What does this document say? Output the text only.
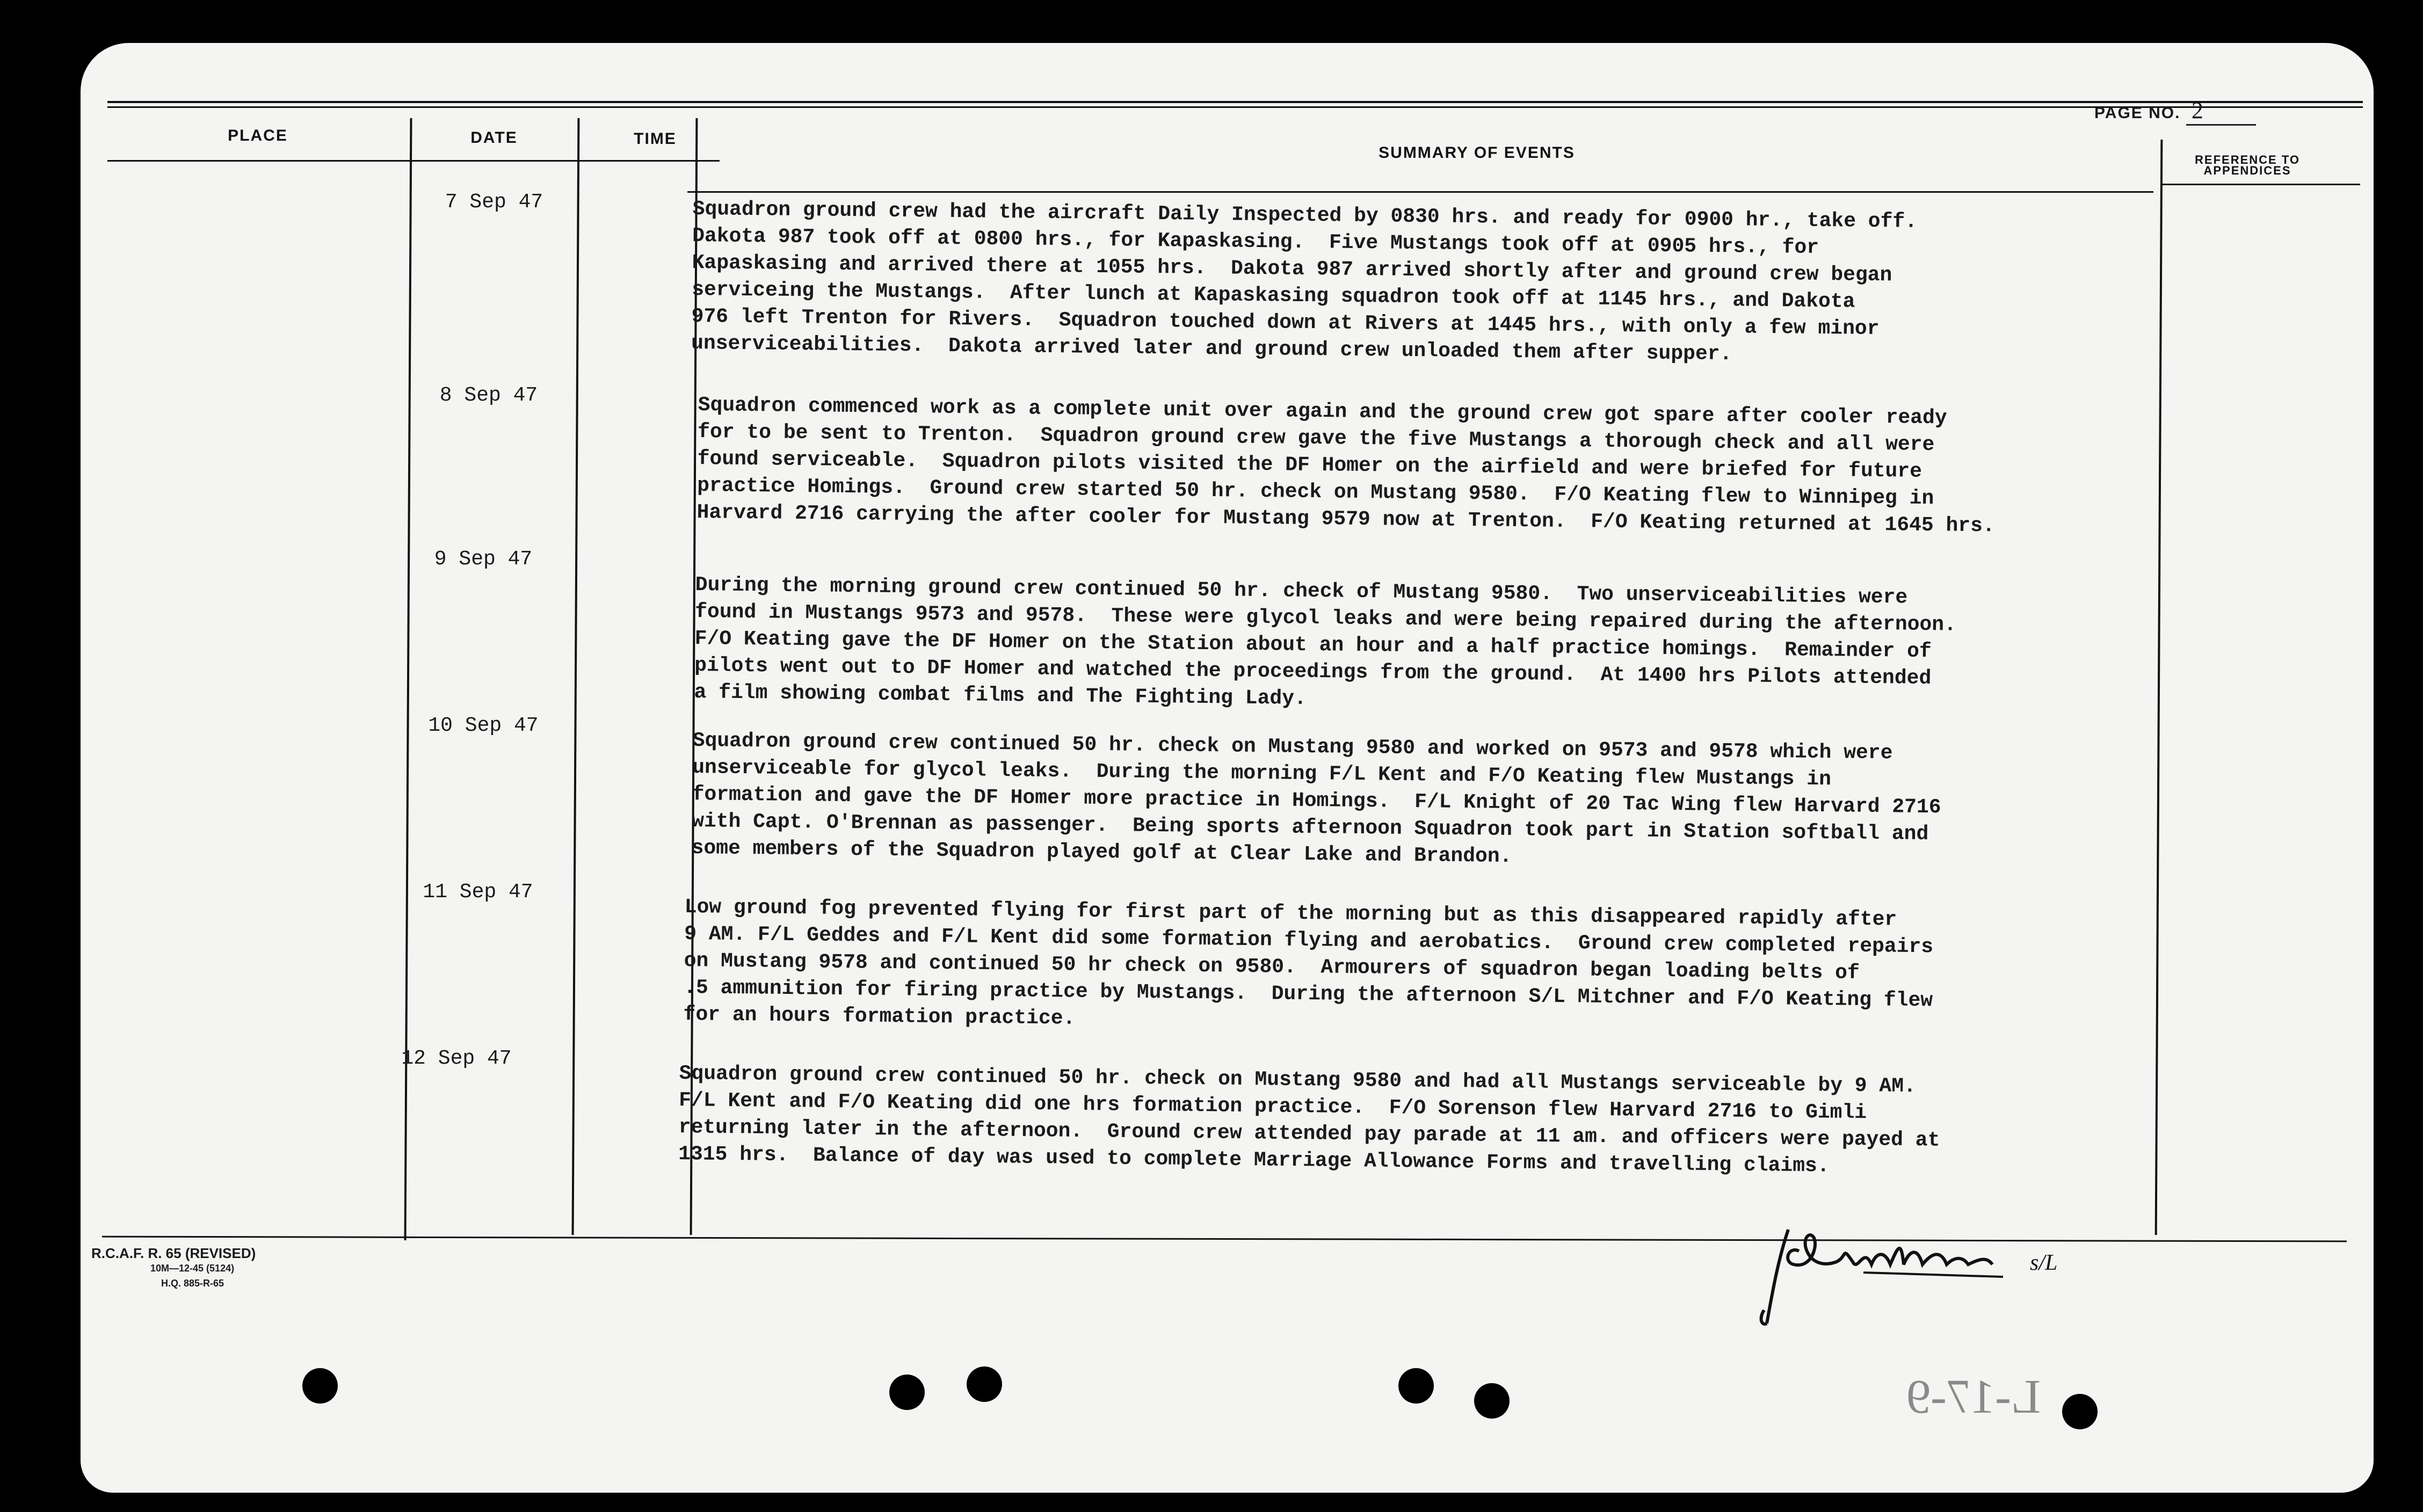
PAGE NO. 2
PLACE	DATE	TIME
SUMMARY OF EVENTS	REFERENCE TO APPENDICES
7 Sep 47	Squadron ground crew had the aircraft Daily Inspected by 0830 hrs. and ready for 0900 hr., take off.
Dakota 987 took off at 0800 hrs., for Kapaskasing.  Five Mustangs took off at 0905 hrs., for
Kapaskasing and arrived there at 1055 hrs.  Dakota 987 arrived shortly after and ground crew began
serviceing the Mustangs.  After lunch at Kapaskasing squadron took off at 1145 hrs., and Dakota
976 left Trenton for Rivers.  Squadron touched down at Rivers at 1445 hrs., with only a few minor
unserviceabilities.  Dakota arrived later and ground crew unloaded them after supper.
8 Sep 47	Squadron commenced work as a complete unit over again and the ground crew got spare after cooler ready
for to be sent to Trenton.  Squadron ground crew gave the five Mustangs a thorough check and all were
found serviceable.  Squadron pilots visited the DF Homer on the airfield and were briefed for future
practice Homings.  Ground crew started 50 hr. check on Mustang 9580.  F/O Keating flew to Winnipeg in
Harvard 2716 carrying the after cooler for Mustang 9579 now at Trenton.  F/O Keating returned at 1645 hrs.
9 Sep 47
During the morning ground crew continued 50 hr. check of Mustang 9580.  Two unserviceabilities were
found in Mustangs 9573 and 9578.  These were glycol leaks and were being repaired during the afternoon.
F/O Keating gave the DF Homer on the Station about an hour and a half practice homings.  Remainder of
pilots went out to DF Homer and watched the proceedings from the ground.  At 1400 hrs Pilots attended
a film showing combat films and The Fighting Lady.
10 Sep 47
Squadron ground crew continued 50 hr. check on Mustang 9580 and worked on 9573 and 9578 which were
unserviceable for glycol leaks.  During the morning F/L Kent and F/O Keating flew Mustangs in
formation and gave the DF Homer more practice in Homings.  F/L Knight of 20 Tac Wing flew Harvard 2716
with Capt. O'Brennan as passenger.  Being sports afternoon Squadron took part in Station softball and
some members of the Squadron played golf at Clear Lake and Brandon.
11 Sep 47
Low ground fog prevented flying for first part of the morning but as this disappeared rapidly after
9 AM. F/L Geddes and F/L Kent did some formation flying and aerobatics.  Ground crew completed repairs
on Mustang 9578 and continued 50 hr check on 9580.  Armourers of squadron began loading belts of
.5 ammunition for firing practice by Mustangs.  During the afternoon S/L Mitchner and F/O Keating flew
for an hours formation practice.
12 Sep 47
Squadron ground crew continued 50 hr. check on Mustang 9580 and had all Mustangs serviceable by 9 AM.
F/L Kent and F/O Keating did one hrs formation practice.  F/O Sorenson flew Harvard 2716 to Gimli
returning later in the afternoon.  Ground crew attended pay parade at 11 am. and officers were payed at
1315 hrs.  Balance of day was used to complete Marriage Allowance Forms and travelling claims.
R.C.A.F. R. 65 (REVISED)
10M—12-45 (5124)
H.Q. 885-R-65
s/L
JMitchner S/L
L-17-9
